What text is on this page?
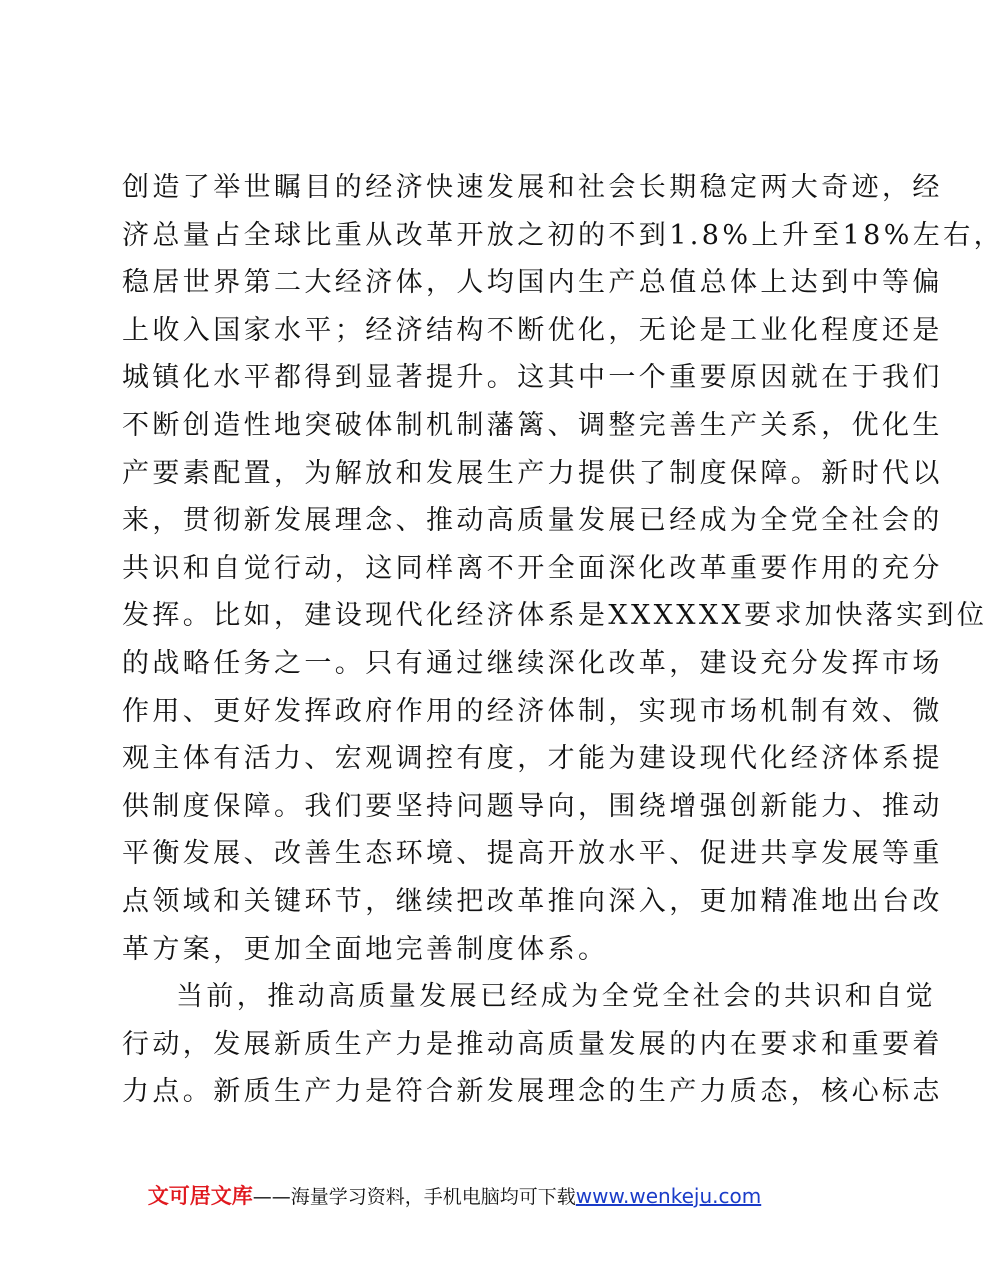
创造了举世瞩目的经济快速发展和社会长期稳定两大奇迹，经
济总量占全球比重从改革开放之初的不到1.8%上升至18%左右，
稳居世界第二大经济体，人均国内生产总值总体上达到中等偏
上收入国家水平；经济结构不断优化，无论是工业化程度还是
城镇化水平都得到显著提升。这其中一个重要原因就在于我们
不断创造性地突破体制机制藩篱、调整完善生产关系，优化生
产要素配置，为解放和发展生产力提供了制度保障。新时代以
来，贯彻新发展理念、推动高质量发展已经成为全党全社会的
共识和自觉行动，这同样离不开全面深化改革重要作用的充分
发挥。比如，建设现代化经济体系是XXXXXX要求加快落实到位
的战略任务之一。只有通过继续深化改革，建设充分发挥市场
作用、更好发挥政府作用的经济体制，实现市场机制有效、微
观主体有活力、宏观调控有度，才能为建设现代化经济体系提
供制度保障。我们要坚持问题导向，围绕增强创新能力、推动
平衡发展、改善生态环境、提高开放水平、促进共享发展等重
点领域和关键环节，继续把改革推向深入，更加精准地出台改
革方案，更加全面地完善制度体系。
当前，推动高质量发展已经成为全党全社会的共识和自觉
行动，发展新质生产力是推动高质量发展的内在要求和重要着
力点。新质生产力是符合新发展理念的生产力质态，核心标志
文可居文库——海量学习资料，手机电脑均可下载www.wenkeju.com
